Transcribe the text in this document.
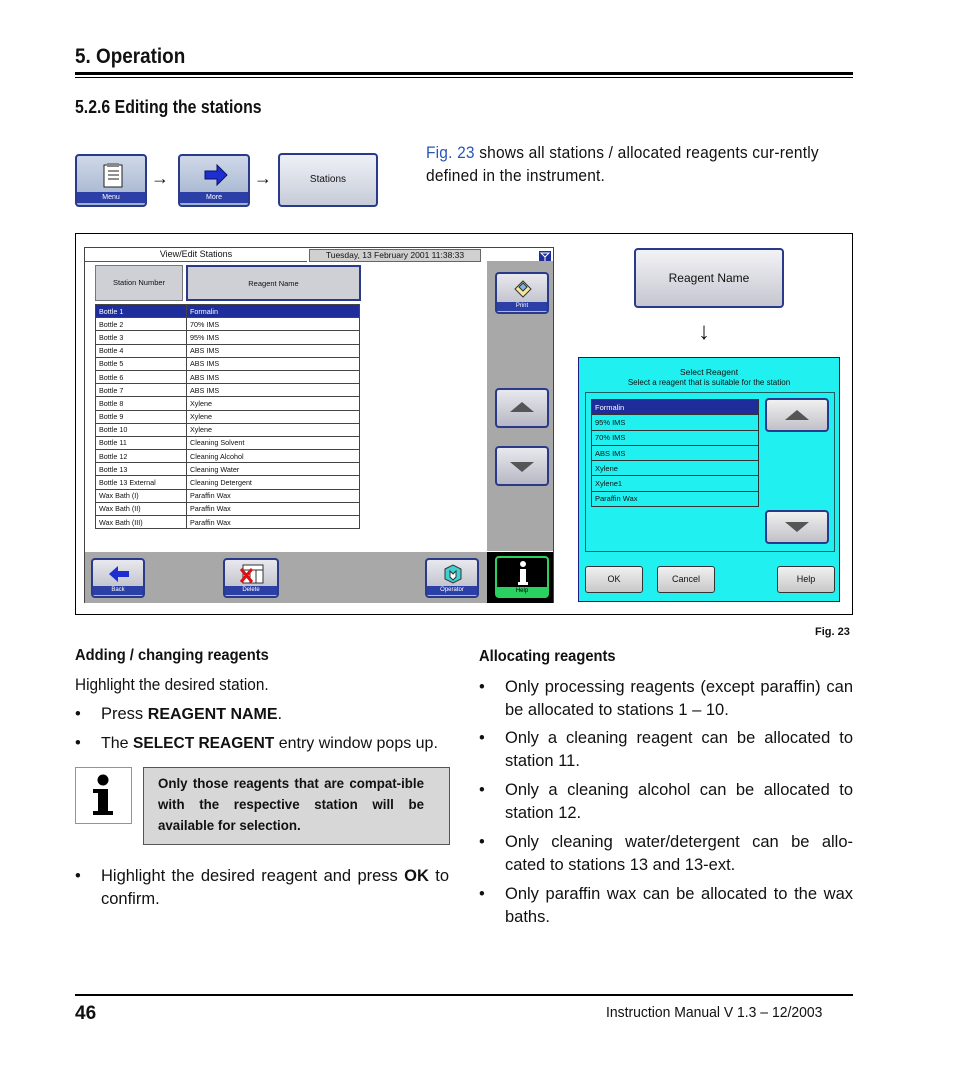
5. Operation
5.2.6 Editing the stations
Menu
→
More
→	Stations
Fig. 23 shows all stations / allocated reagents cur-rently defined in the instrument.
View/Edit Stations	Tuesday, 13 February 2001 11:38:33
Station Number	Reagent Name
Bottle 1	Formalin
Bottle 2	70% IMS
Bottle 3	95% IMS
Bottle 4	ABS IMS
Bottle 5	ABS IMS
Bottle 6	ABS IMS
Bottle 7	ABS IMS
Bottle 8	Xylene
Bottle 9	Xylene
Bottle 10	Xylene
Bottle 11	Cleaning Solvent
Bottle 12	Cleaning Alcohol
Bottle 13	Cleaning Water
Bottle 13 External	Cleaning Detergent
Wax Bath (I)	Paraffin Wax
Wax Bath (II)	Paraffin Wax
Wax Bath (III)	Paraffin Wax
Print
Back	Delete	Operator	Help
Reagent Name
↓
Select Reagent
Select a reagent that is suitable for the station
Formalin
95% IMS
70% IMS
ABS IMS
Xylene
Xylene1
Paraffin Wax
OK	Cancel	Help
Fig. 23
Adding / changing reagents
Highlight the desired station.
• Press REAGENT NAME.
• The SELECT REAGENT entry window pops up.
Only those reagents that are compat-ible with the respective station will be available for selection.
• Highlight the desired reagent and press OK to confirm.
Allocating reagents
• Only processing reagents (except paraffin) can be allocated to stations 1 – 10.
• Only a cleaning reagent can be allocated to station 11.
• Only a cleaning alcohol can be allocated to station 12.
• Only cleaning water/detergent can be allo-cated to stations 13 and 13-ext.
• Only paraffin wax can be allocated to the wax baths.
46	Instruction Manual V 1.3 – 12/2003
